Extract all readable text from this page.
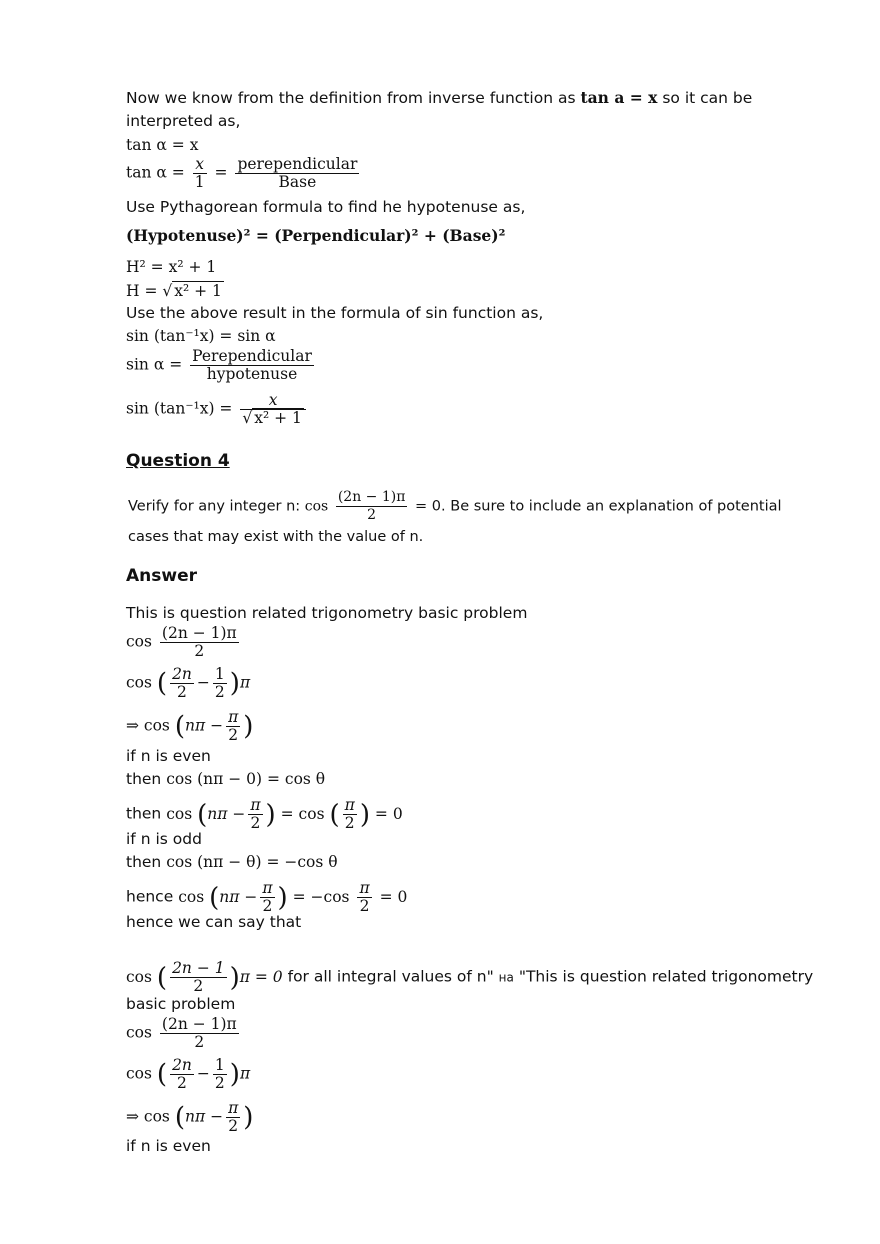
Now we know from the definition from inverse function as tan a = x so it can be
interpreted as,
tan α = x
$\tan \alpha = \frac{x}{1} = \frac{\text{perependicular}}{\text{Base}}$
Use Pythagorean formula to find he hypotenuse as,
(Hypotenuse)² = (Perpendicular)² + (Base)²
H² = x² + 1
H = √ x² + 1
Use the above result in the formula of sin function as,
sin (tan⁻¹x) = sin α
$\sin \alpha = \frac{\text{Perependicular}}{\text{hypotenuse}}$
$\sin (\tan^{-1}x) = \frac{x}{\text{√ x² + 1}}$
Question 4
Verify for any integer n: $\cos \frac{(2n - 1)\pi}{2} = 0$. Be sure to include an explanation of potential
cases that may exist with the value of n.
Answer
This is question related trigonometry basic problem
$\cos \frac{(2n - 1)\pi}{2}$
cos ( $\frac{2n}{2} - \frac{1}{2} )\pi$
⇒ $\cos (n\pi - \frac{\pi}{2}$ )
if n is even
then cos (nπ − 0) = cos θ
then $\cos (n\pi - \frac{\pi}{2}$ ) = cos ( $\frac{\pi}{2}$ ) = 0
if n is odd
then cos (nπ − θ) = −cos θ
hence $\cos (n\pi - \frac{\pi}{2}$ ) = $-\cos \frac{\pi}{2} = 0$
hence we can say that
cos ( $\frac{2n - 1}{2} )\pi = 0$ for all integral values of n" на "This is question related trigonometry
basic problem
$\cos \frac{(2n - 1)\pi}{2}$
cos ( $\frac{2n}{2} - \frac{1}{2} )\pi$
⇒ $\cos (n\pi - \frac{\pi}{2}$ )
if n is even
